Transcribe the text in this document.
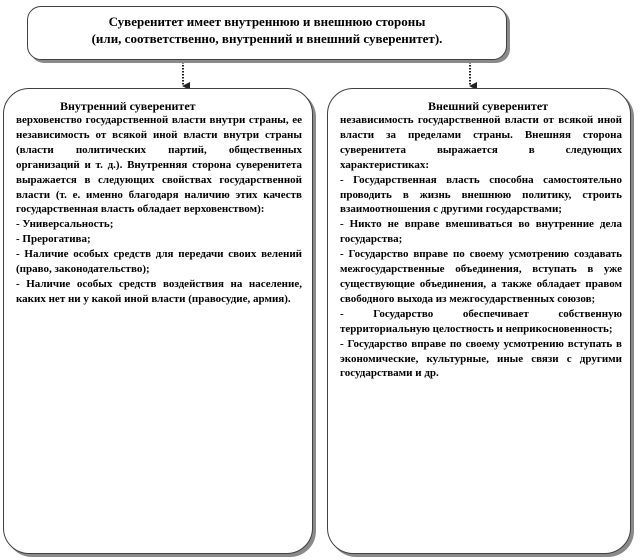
Суверенитет имеет внутреннюю и внешнюю стороны
(или, соответственно, внутренний и внешний суверенитет).
Внутренний суверенитет

верховенство государственной власти внутри страны, ее независимость от всякой иной власти внутри страны (власти политических партий, общественных организаций и т. д.). Внутренняя сторона суверенитета выражается в следующих свойствах государственной власти (т. е. именно благодаря наличию этих качеств государственная власть обладает верховенством):

- Универсальность;

- Прерогатива;

- Наличие особых средств для передачи своих велений (право, законодательство);

- Наличие особых средств воздействия на население, каких нет ни у какой иной власти (правосудие, армия).

Внешний суверенитет

независимость государственной власти от всякой иной власти за пределами страны. Внешняя сторона суверенитета выражается в следующих характеристиках:

- Государственная власть способна самостоятельно проводить в жизнь внешнюю политику, строить взаимоотношения с другими государствами;

- Никто не вправе вмешиваться во внутренние дела государства;

- Государство вправе по своему усмотрению создавать межгосударственные объединения, вступать в уже существующие объединения, а также обладает правом свободного выхода из межгосударственных союзов;

- Государство обеспечивает собственную территориальную целостность и неприкосновенность;

- Государство вправе по своему усмотрению вступать в экономические, культурные, иные связи с другими государствами и др.
